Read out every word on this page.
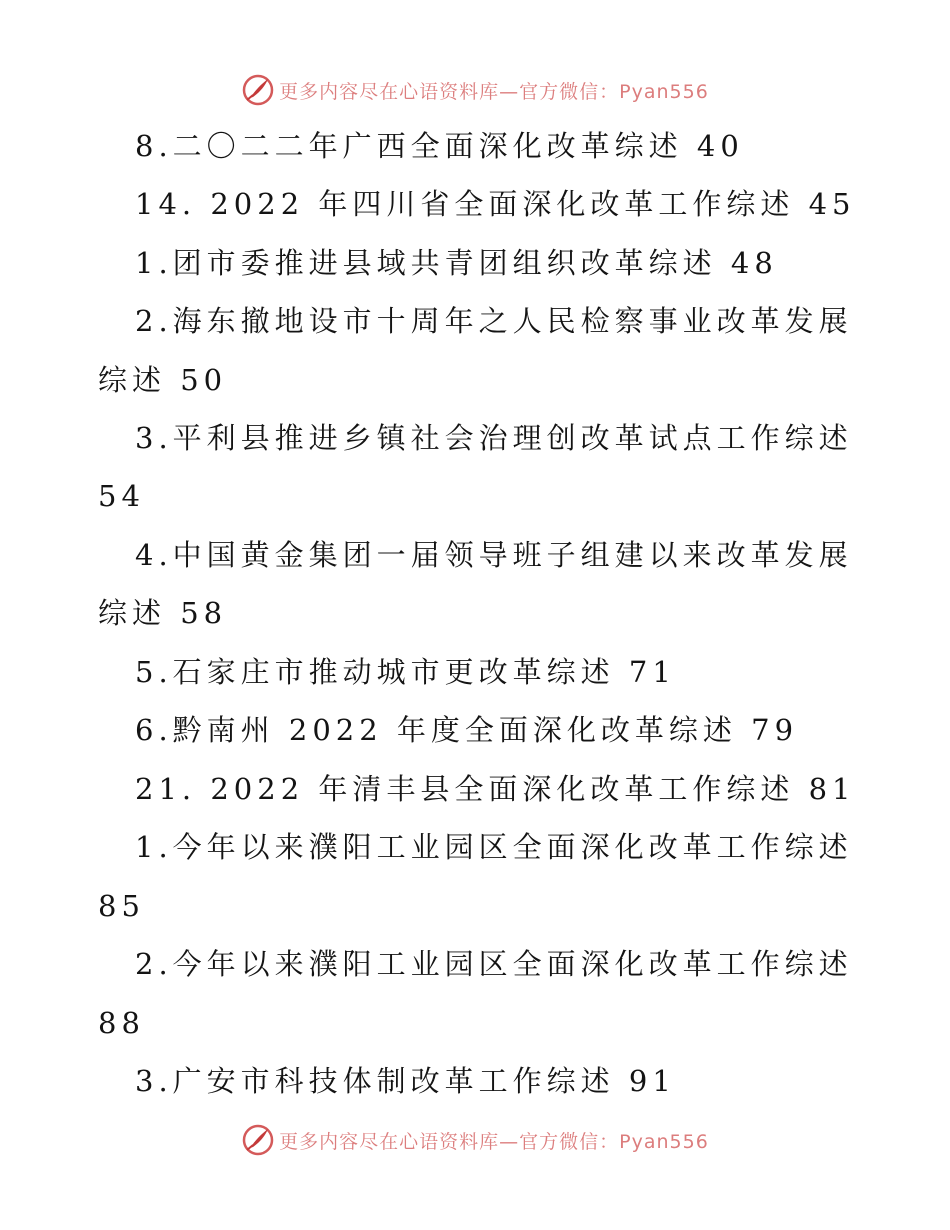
更多内容尽在心语资料库—官方微信：Pyan556
8.二〇二二年广西全面深化改革综述 40
14. 2022 年四川省全面深化改革工作综述 45
1.团市委推进县域共青团组织改革综述 48
2.海东撤地设市十周年之人民检察事业改革发展
综述 50
3.平利县推进乡镇社会治理创改革试点工作综述
54
4.中国黄金集团一届领导班子组建以来改革发展
综述 58
5.石家庄市推动城市更改革综述 71
6.黔南州 2022 年度全面深化改革综述 79
21. 2022 年清丰县全面深化改革工作综述 81
1.今年以来濮阳工业园区全面深化改革工作综述
85
2.今年以来濮阳工业园区全面深化改革工作综述
88
3.广安市科技体制改革工作综述 91
更多内容尽在心语资料库—官方微信：Pyan556
